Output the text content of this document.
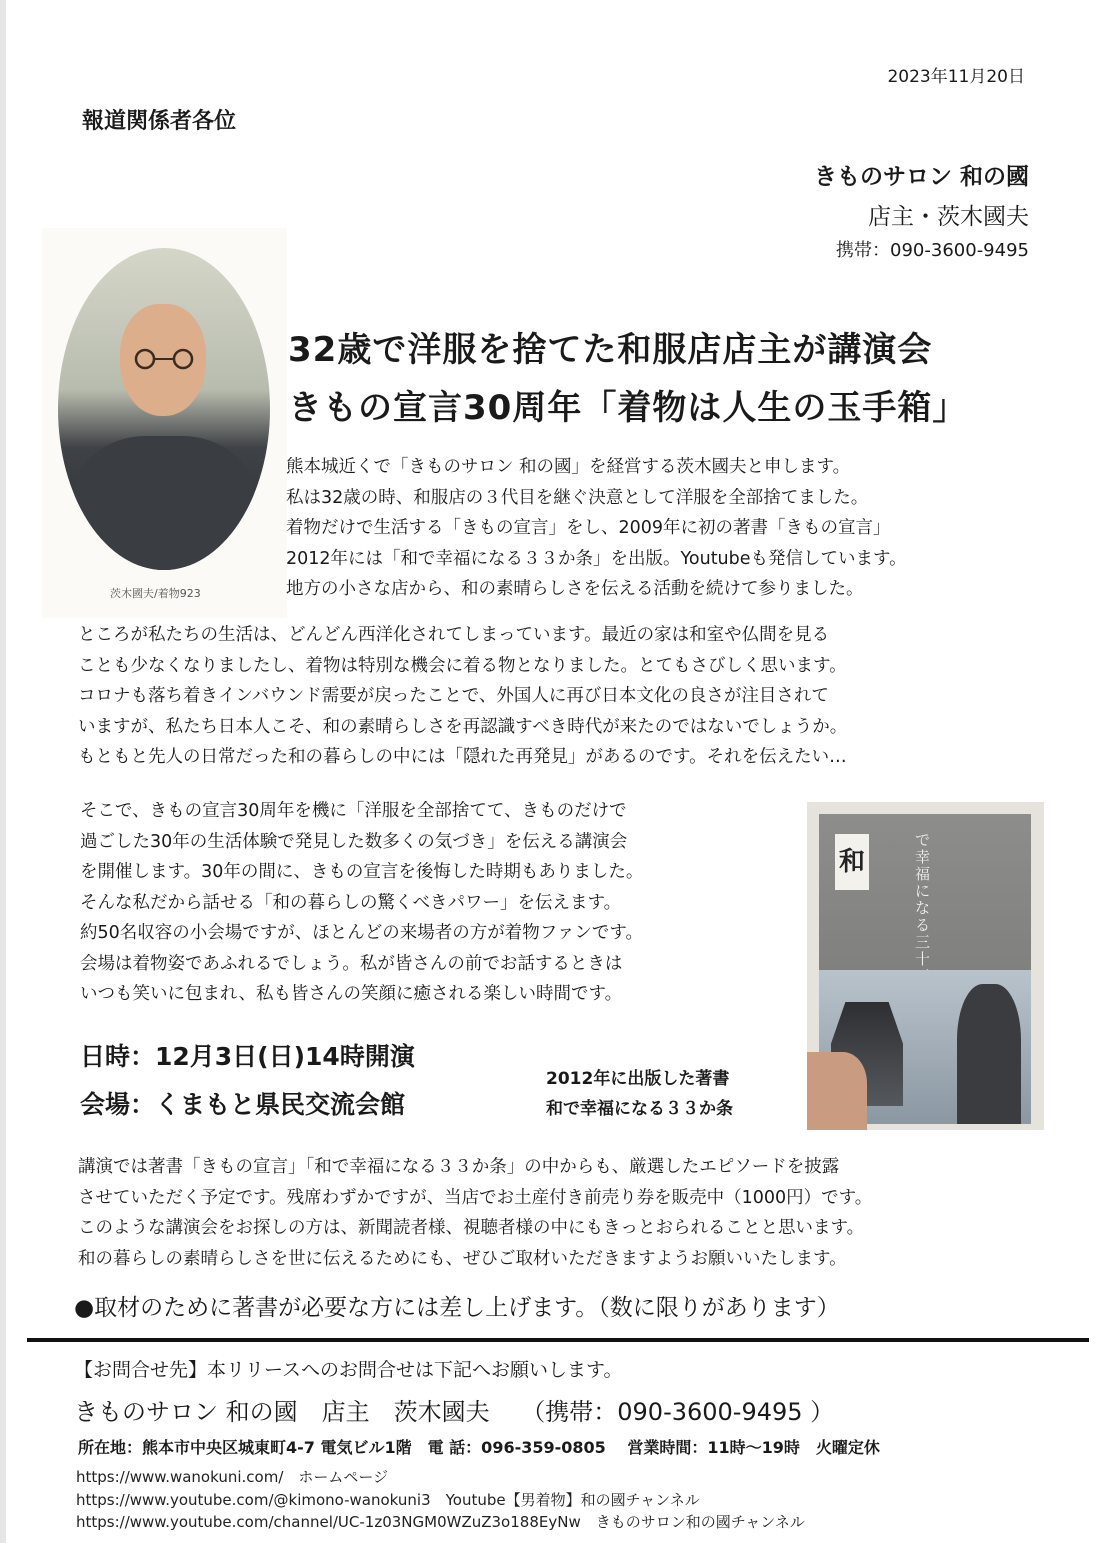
2023年11月20日
報道関係者各位
きものサロン 和の國
店主・茨木國夫
携帯：090-3600-9495
茨木國夫/着物923
32歳で洋服を捨てた和服店店主が講演会
きもの宣言30周年「着物は人生の玉手箱」
熊本城近くで「きものサロン 和の國」を経営する茨木國夫と申します。
私は32歳の時、和服店の３代目を継ぐ決意として洋服を全部捨てました。
着物だけで生活する「きもの宣言」をし、2009年に初の著書「きもの宣言」
2012年には「和で幸福になる３３か条」を出版。Youtubeも発信しています。
地方の小さな店から、和の素晴らしさを伝える活動を続けて参りました。
ところが私たちの生活は、どんどん西洋化されてしまっています。最近の家は和室や仏間を見る
ことも少なくなりましたし、着物は特別な機会に着る物となりました。とてもさびしく思います。
コロナも落ち着きインバウンド需要が戻ったことで、外国人に再び日本文化の良さが注目されて
いますが、私たち日本人こそ、和の素晴らしさを再認識すべき時代が来たのではないでしょうか。
もともと先人の日常だった和の暮らしの中には「隠れた再発見」があるのです。それを伝えたい…
そこで、きもの宣言30周年を機に「洋服を全部捨てて、きものだけで
過ごした30年の生活体験で発見した数多くの気づき」を伝える講演会
を開催します。30年の間に、きもの宣言を後悔した時期もありました。
そんな私だから話せる「和の暮らしの驚くべきパワー」を伝えます。
約50名収容の小会場ですが、ほとんどの来場者の方が着物ファンです。
会場は着物姿であふれるでしょう。私が皆さんの前でお話するときは
いつも笑いに包まれ、私も皆さんの笑顔に癒される楽しい時間です。
日時：12月3日(日)14時開演
会場：くまもと県民交流会館
和
で幸福になる三十
2012年に出版した著書
和で幸福になる３３か条
講演では著書「きもの宣言」「和で幸福になる３３か条」の中からも、厳選したエピソードを披露
させていただく予定です。残席わずかですが、当店でお土産付き前売り券を販売中（1000円）です。
このような講演会をお探しの方は、新聞読者様、視聴者様の中にもきっとおられることと思います。
和の暮らしの素晴らしさを世に伝えるためにも、ぜひご取材いただきますようお願いいたします。
●取材のために著書が必要な方には差し上げます。（数に限りがあります）
【お問合せ先】本リリースへのお問合せは下記へお願いします。
きものサロン 和の國　店主　茨木國夫　 （携帯：090-3600-9495 ）
所在地：熊本市中央区城東町4-7 電気ビル1階　電 話：096-359-0805　 営業時間：11時～19時　火曜定休
https://www.wanokuni.com/　ホームページ
https://www.youtube.com/@kimono-wanokuni3　Youtube【男着物】和の國チャンネル
https://www.youtube.com/channel/UC-1z03NGM0WZuZ3o188EyNw　きものサロン和の國チャンネル
